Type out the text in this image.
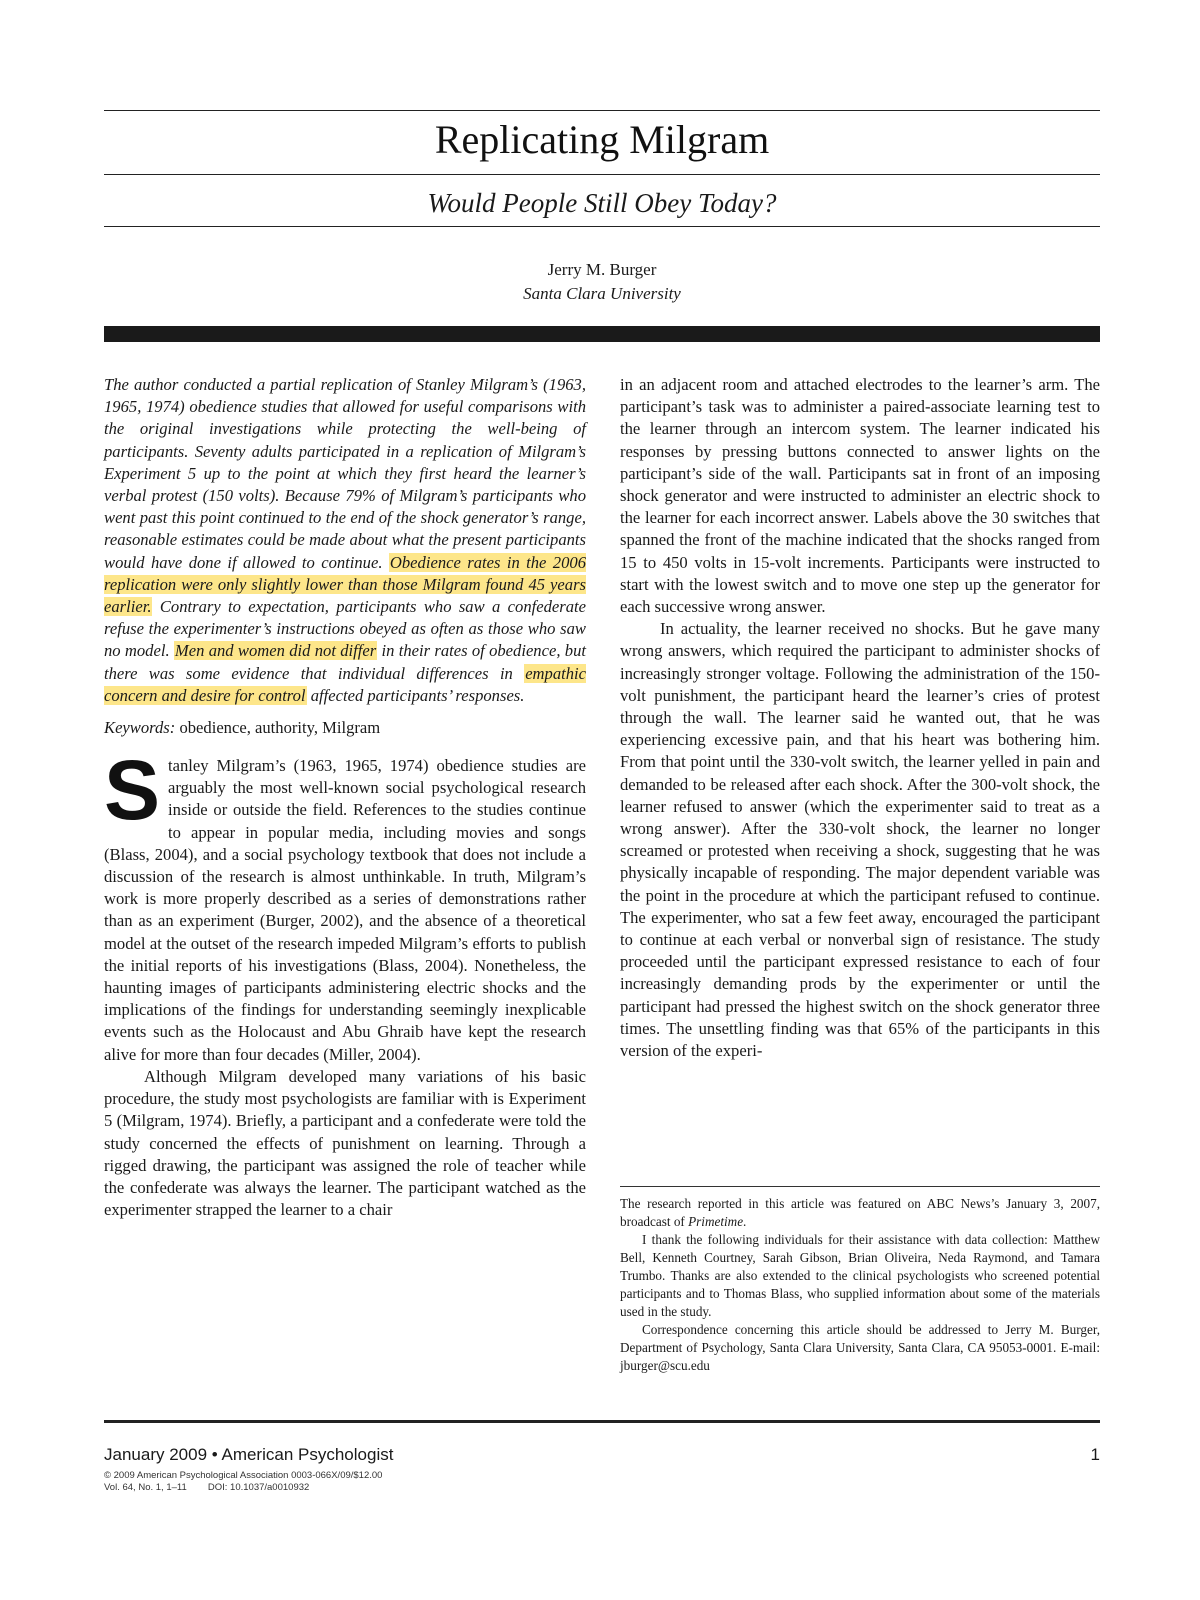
Replicating Milgram
Would People Still Obey Today?
Jerry M. Burger
Santa Clara University

The author conducted a partial replication of Stanley Milgram’s (1963, 1965, 1974) obedience studies that allowed for useful comparisons with the original investigations while protecting the well-being of participants. Seventy adults participated in a replication of Milgram’s Experiment 5 up to the point at which they first heard the learner’s verbal protest (150 volts). Because 79% of Milgram’s participants who went past this point continued to the end of the shock generator’s range, reasonable estimates could be made about what the present participants would have done if allowed to continue. Obedience rates in the 2006 replication were only slightly lower than those Milgram found 45 years earlier. Contrary to expectation, participants who saw a confederate refuse the experimenter’s instructions obeyed as often as those who saw no model. Men and women did not differ in their rates of obedience, but there was some evidence that individual differences in empathic concern and desire for control affected participants’ responses.

Keywords: obedience, authority, Milgram

Stanley Milgram’s (1963, 1965, 1974) obedience studies are arguably the most well-known social psychological research inside or outside the field. References to the studies continue to appear in popular media, including movies and songs (Blass, 2004), and a social psychology textbook that does not include a discussion of the research is almost unthinkable. In truth, Milgram’s work is more properly described as a series of demonstrations rather than as an experiment (Burger, 2002), and the absence of a theoretical model at the outset of the research impeded Milgram’s efforts to publish the initial reports of his investigations (Blass, 2004). Nonetheless, the haunting images of participants administering electric shocks and the implications of the findings for understanding seemingly inexplicable events such as the Holocaust and Abu Ghraib have kept the research alive for more than four decades (Miller, 2004).

Although Milgram developed many variations of his basic procedure, the study most psychologists are familiar with is Experiment 5 (Milgram, 1974). Briefly, a participant and a confederate were told the study concerned the effects of punishment on learning. Through a rigged drawing, the participant was assigned the role of teacher while the confederate was always the learner. The participant watched as the experimenter strapped the learner to a chair

in an adjacent room and attached electrodes to the learner’s arm. The participant’s task was to administer a paired-associate learning test to the learner through an intercom system. The learner indicated his responses by pressing buttons connected to answer lights on the participant’s side of the wall. Participants sat in front of an imposing shock generator and were instructed to administer an electric shock to the learner for each incorrect answer. Labels above the 30 switches that spanned the front of the machine indicated that the shocks ranged from 15 to 450 volts in 15-volt increments. Participants were instructed to start with the lowest switch and to move one step up the generator for each successive wrong answer.

In actuality, the learner received no shocks. But he gave many wrong answers, which required the participant to administer shocks of increasingly stronger voltage. Following the administration of the 150-volt punishment, the participant heard the learner’s cries of protest through the wall. The learner said he wanted out, that he was experiencing excessive pain, and that his heart was bothering him. From that point until the 330-volt switch, the learner yelled in pain and demanded to be released after each shock. After the 300-volt shock, the learner refused to answer (which the experimenter said to treat as a wrong answer). After the 330-volt shock, the learner no longer screamed or protested when receiving a shock, suggesting that he was physically incapable of responding. The major dependent variable was the point in the procedure at which the participant refused to continue. The experimenter, who sat a few feet away, encouraged the participant to continue at each verbal or nonverbal sign of resistance. The study proceeded until the participant expressed resistance to each of four increasingly demanding prods by the experimenter or until the participant had pressed the highest switch on the shock generator three times. The unsettling finding was that 65% of the participants in this version of the experi-

The research reported in this article was featured on ABC News’s January 3, 2007, broadcast of Primetime.

I thank the following individuals for their assistance with data collection: Matthew Bell, Kenneth Courtney, Sarah Gibson, Brian Oliveira, Neda Raymond, and Tamara Trumbo. Thanks are also extended to the clinical psychologists who screened potential participants and to Thomas Blass, who supplied information about some of the materials used in the study.

Correspondence concerning this article should be addressed to Jerry M. Burger, Department of Psychology, Santa Clara University, Santa Clara, CA 95053-0001. E-mail: jburger@scu.edu

January 2009 • American Psychologist	1
© 2009 American Psychological Association 0003-066X/09/$12.00
Vol. 64, No. 1, 1–11 DOI: 10.1037/a0010932
